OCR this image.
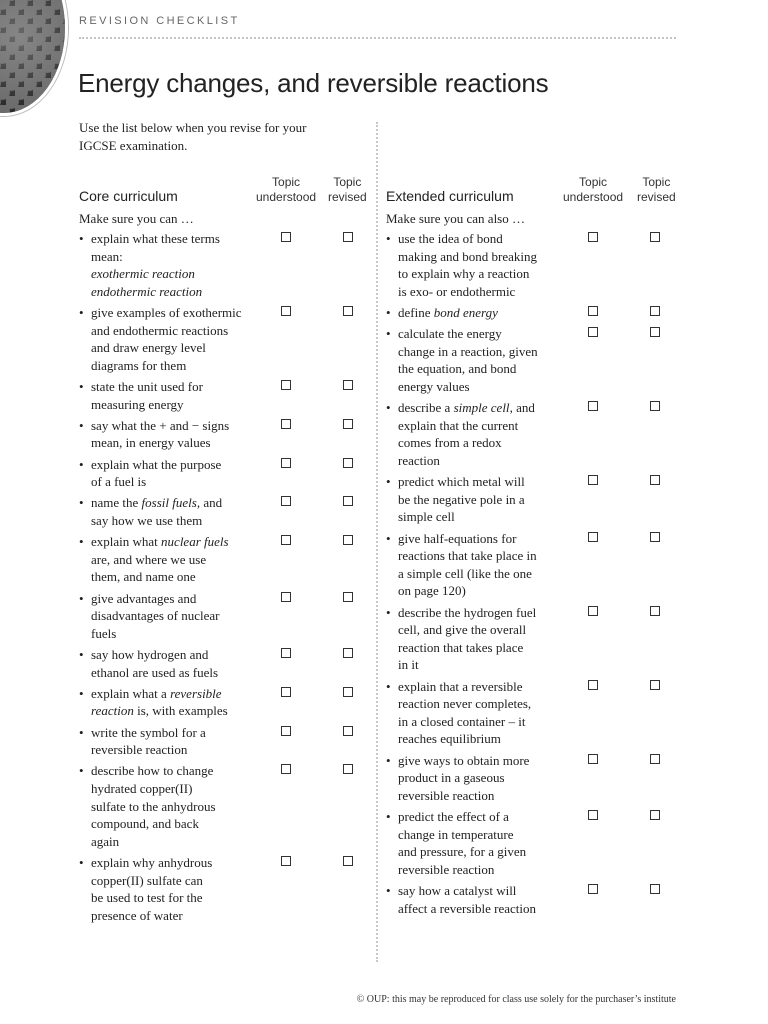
REVISION CHECKLIST
Energy changes, and reversible reactions
Use the list below when you revise for your
IGCSE examination.
Core curriculum
Topic
understood
Topic
revised
Make sure you can …
• explain what these terms
mean:
exothermic reaction
endothermic reaction
• give examples of exothermic
and endothermic reactions
and draw energy level
diagrams for them
• state the unit used for
measuring energy
• say what the + and − signs
mean, in energy values
• explain what the purpose
of a fuel is
• name the fossil fuels, and
say how we use them
• explain what nuclear fuels
are, and where we use
them, and name one
• give advantages and
disadvantages of nuclear
fuels
• say how hydrogen and
ethanol are used as fuels
• explain what a reversible
reaction is, with examples
• write the symbol for a
reversible reaction
• describe how to change
hydrated copper(II)
sulfate to the anhydrous
compound, and back
again
• explain why anhydrous
copper(II) sulfate can
be used to test for the
presence of water
Extended curriculum
Topic
understood
Topic
revised
Make sure you can also …
• use the idea of bond
making and bond breaking
to explain why a reaction
is exo- or endothermic
• define bond energy
• calculate the energy
change in a reaction, given
the equation, and bond
energy values
• describe a simple cell, and
explain that the current
comes from a redox
reaction
• predict which metal will
be the negative pole in a
simple cell
• give half-equations for
reactions that take place in
a simple cell (like the one
on page 120)
• describe the hydrogen fuel
cell, and give the overall
reaction that takes place
in it
• explain that a reversible
reaction never completes,
in a closed container – it
reaches equilibrium
• give ways to obtain more
product in a gaseous
reversible reaction
• predict the effect of a
change in temperature
and pressure, for a given
reversible reaction
• say how a catalyst will
affect a reversible reaction
© OUP: this may be reproduced for class use solely for the purchaser’s institute
